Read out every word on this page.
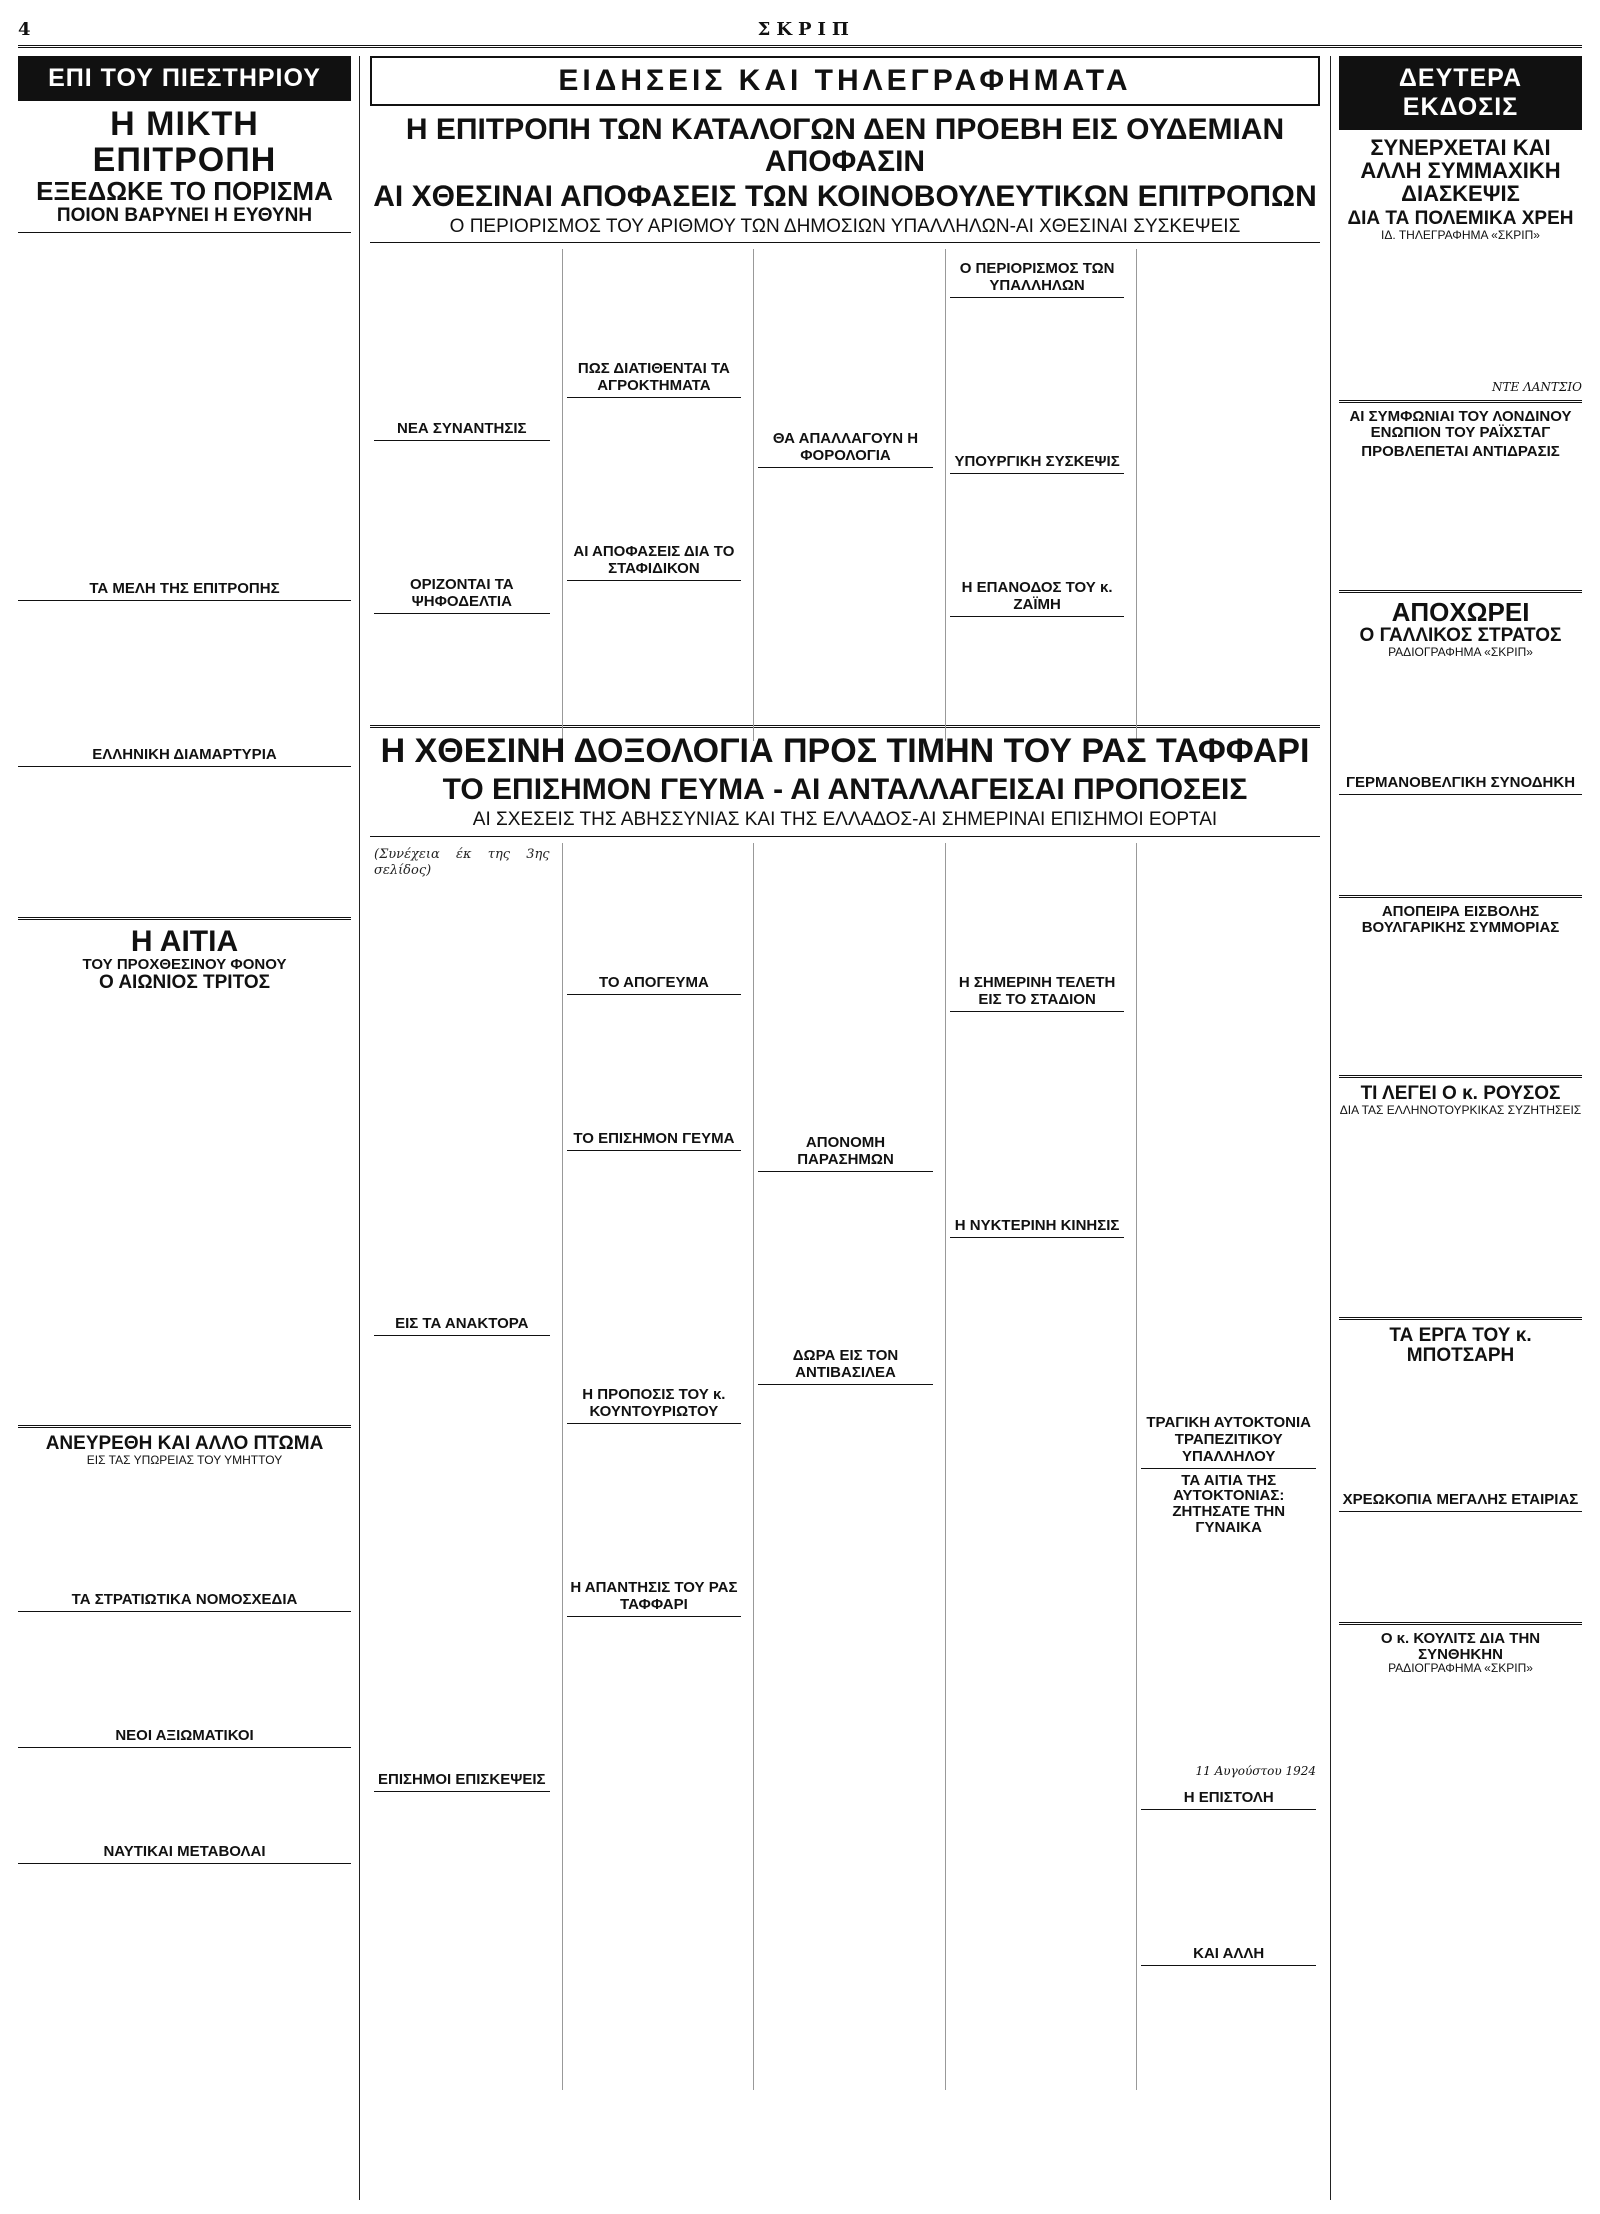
4	ΣΚΡΙΠ
ΕΠΙ ΤΟΥ ΠΙΕΣΤΗΡΙΟΥ
Η ΜΙΚΤΗ ΕΠΙΤΡΟΠΗ
ΕΞΕΔΩΚΕ ΤΟ ΠΟΡΙΣΜΑ
ΠΟΙΟΝ ΒΑΡΥΝΕΙ Η ΕΥΘΥΝΗ
ΤΑ ΜΕΛΗ ΤΗΣ ΕΠΙΤΡΟΠΗΣ
ΕΛΛΗΝΙΚΗ ΔΙΑΜΑΡΤΥΡΙΑ
Η ΑΙΤΙΑ
ΤΟΥ ΠΡΟΧΘΕΣΙΝΟΥ ΦΟΝΟΥ
Ο ΑΙΩΝΙΟΣ ΤΡΙΤΟΣ
ΑΝΕΥΡΕΘΗ ΚΑΙ ΑΛΛΟ ΠΤΩΜΑ
ΕΙΣ ΤΑΣ ΥΠΩΡΕΙΑΣ ΤΟΥ ΥΜΗΤΤΟΥ
ΤΑ ΣΤΡΑΤΙΩΤΙΚΑ ΝΟΜΟΣΧΕΔΙΑ
ΝΕΟΙ ΑΞΙΩΜΑΤΙΚΟΙ
ΝΑΥΤΙΚΑΙ ΜΕΤΑΒΟΛΑΙ
ΕΙΔΗΣΕΙΣ ΚΑΙ ΤΗΛΕΓΡΑΦΗΜΑΤΑ
Η ΕΠΙΤΡΟΠΗ ΤΩΝ ΚΑΤΑΛΟΓΩΝ ΔΕΝ ΠΡΟΕΒΗ ΕΙΣ ΟΥΔΕΜΙΑΝ ΑΠΟΦΑΣΙΝ
ΑΙ ΧΘΕΣΙΝΑΙ ΑΠΟΦΑΣΕΙΣ ΤΩΝ ΚΟΙΝΟΒΟΥΛΕΥΤΙΚΩΝ ΕΠΙΤΡΟΠΩΝ
Ο ΠΕΡΙΟΡΙΣΜΟΣ ΤΟΥ ΑΡΙΘΜΟΥ ΤΩΝ ΔΗΜΟΣΙΩΝ ΥΠΑΛΛΗΛΩΝ-ΑΙ ΧΘΕΣΙΝΑΙ ΣΥΣΚΕΨΕΙΣ
ΝΕΑ ΣΥΝΑΝΤΗΣΙΣ
ΟΡΙΖΟΝΤΑΙ ΤΑ ΨΗΦΟΔΕΛΤΙΑ
ΠΩΣ ΔΙΑΤΙΘΕΝΤΑΙ ΤΑ ΑΓΡΟΚΤΗΜΑΤΑ
ΑΙ ΑΠΟΦΑΣΕΙΣ ΔΙΑ ΤΟ ΣΤΑΦΙΔΙΚΟΝ
ΘΑ ΑΠΑΛΛΑΓΟΥΝ Η ΦΟΡΟΛΟΓΙΑ
Ο ΠΕΡΙΟΡΙΣΜΟΣ ΤΩΝ ΥΠΑΛΛΗΛΩΝ
ΥΠΟΥΡΓΙΚΗ ΣΥΣΚΕΨΙΣ
Η ΕΠΑΝΟΔΟΣ ΤΟΥ κ. ΖΑΪΜΗ
Η ΧΘΕΣΙΝΗ ΔΟΞΟΛΟΓΙΑ ΠΡΟΣ ΤΙΜΗΝ ΤΟΥ ΡΑΣ ΤΑΦΦΑΡΙ
ΤΟ ΕΠΙΣΗΜΟΝ ΓΕΥΜΑ - ΑΙ ΑΝΤΑΛΛΑΓΕΙΣΑΙ ΠΡΟΠΟΣΕΙΣ
ΑΙ ΣΧΕΣΕΙΣ ΤΗΣ ΑΒΗΣΣΥΝΙΑΣ ΚΑΙ ΤΗΣ ΕΛΛΑΔΟΣ-ΑΙ ΣΗΜΕΡΙΝΑΙ ΕΠΙΣΗΜΟΙ ΕΟΡΤΑΙ
(Συνέχεια έκ της 3ης σελίδος)
ΕΙΣ ΤΑ ΑΝΑΚΤΟΡΑ
ΕΠΙΣΗΜΟΙ ΕΠΙΣΚΕΨΕΙΣ
ΤΟ ΑΠΟΓΕΥΜΑ
ΤΟ ΕΠΙΣΗΜΟΝ ΓΕΥΜΑ
Η ΠΡΟΠΟΣΙΣ ΤΟΥ κ. ΚΟΥΝΤΟΥΡΙΩΤΟΥ
Η ΑΠΑΝΤΗΣΙΣ ΤΟΥ ΡΑΣ ΤΑΦΦΑΡΙ
ΑΠΟΝΟΜΗ ΠΑΡΑΣΗΜΩΝ
ΔΩΡΑ ΕΙΣ ΤΟΝ ΑΝΤΙΒΑΣΙΛΕΑ
Η ΣΗΜΕΡΙΝΗ ΤΕΛΕΤΗ ΕΙΣ ΤΟ ΣΤΑΔΙΟΝ
Η ΝΥΚΤΕΡΙΝΗ ΚΙΝΗΣΙΣ
ΤΡΑΓΙΚΗ ΑΥΤΟΚΤΟΝΙΑ ΤΡΑΠΕΖΙΤΙΚΟΥ ΥΠΑΛΛΗΛΟΥ
ΤΑ ΑΙΤΙΑ ΤΗΣ ΑΥΤΟΚΤΟΝΙΑΣ: ΖΗΤΗΣΑΤΕ ΤΗΝ ΓΥΝΑΙΚΑ
11 Αυγούστου 1924
Η ΕΠΙΣΤΟΛΗ
ΚΑΙ ΑΛΛΗ
ΔΕΥΤΕΡΑ ΕΚΔΟΣΙΣ
ΣΥΝΕΡΧΕΤΑΙ ΚΑΙ ΑΛΛΗ ΣΥΜΜΑΧΙΚΗ ΔΙΑΣΚΕΨΙΣ
ΔΙΑ ΤΑ ΠΟΛΕΜΙΚΑ ΧΡΕΗ
ΙΔ. ΤΗΛΕΓΡΑΦΗΜΑ «ΣΚΡΙΠ»
ΝΤΕ ΛΑΝΤΣΙΟ
ΑΙ ΣΥΜΦΩΝΙΑΙ ΤΟΥ ΛΟΝΔΙΝΟΥ ΕΝΩΠΙΟΝ ΤΟΥ ΡΑΪΧΣΤΑΓ
ΠΡΟΒΛΕΠΕΤΑΙ ΑΝΤΙΔΡΑΣΙΣ
ΑΠΟΧΩΡΕΙ
Ο ΓΑΛΛΙΚΟΣ ΣΤΡΑΤΟΣ
ΡΑΔΙΟΓΡΑΦΗΜΑ «ΣΚΡΙΠ»
ΓΕΡΜΑΝΟΒΕΛΓΙΚΗ ΣΥΝΟΔΗΚΗ
ΑΠΟΠΕΙΡΑ ΕΙΣΒΟΛΗΣ ΒΟΥΛΓΑΡΙΚΗΣ ΣΥΜΜΟΡΙΑΣ
ΤΙ ΛΕΓΕΙ Ο κ. ΡΟΥΣΟΣ
ΔΙΑ ΤΑΣ ΕΛΛΗΝΟΤΟΥΡΚΙΚΑΣ ΣΥΖΗΤΗΣΕΙΣ
ΤΑ ΕΡΓΑ ΤΟΥ κ. ΜΠΟΤΣΑΡΗ
ΧΡΕΩΚΟΠΙΑ ΜΕΓΑΛΗΣ ΕΤΑΙΡΙΑΣ
Ο κ. ΚΟΥΛΙΤΣ ΔΙΑ ΤΗΝ ΣΥΝΘΗΚΗΝ
ΡΑΔΙΟΓΡΑΦΗΜΑ «ΣΚΡΙΠ»
